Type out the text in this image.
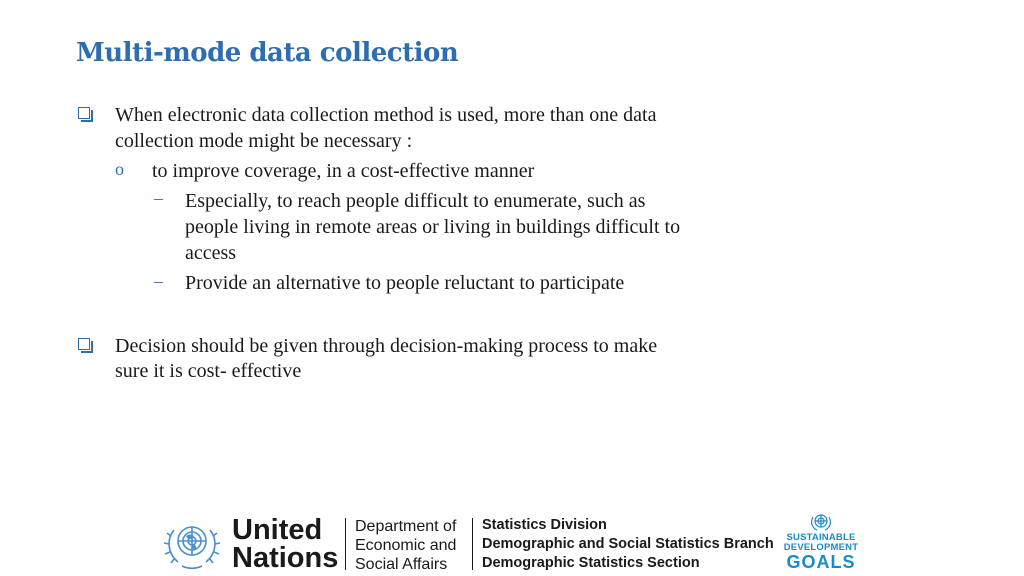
Multi-mode data collection
When electronic data collection method is used, more than one data
collection mode might be necessary :
o to improve coverage, in a cost-effective manner
– Especially, to reach people difficult to enumerate, such as
people living in remote areas or living in buildings difficult to
access
– Provide an alternative to people reluctant to participate
Decision should be given through decision-making process to make
sure it is cost- effective
United
Nations
Department of
Economic and
Social Affairs
Statistics Division
Demographic and Social Statistics Branch
Demographic Statistics Section
SUSTAINABLE
DEVELOPMENT
GOALS
